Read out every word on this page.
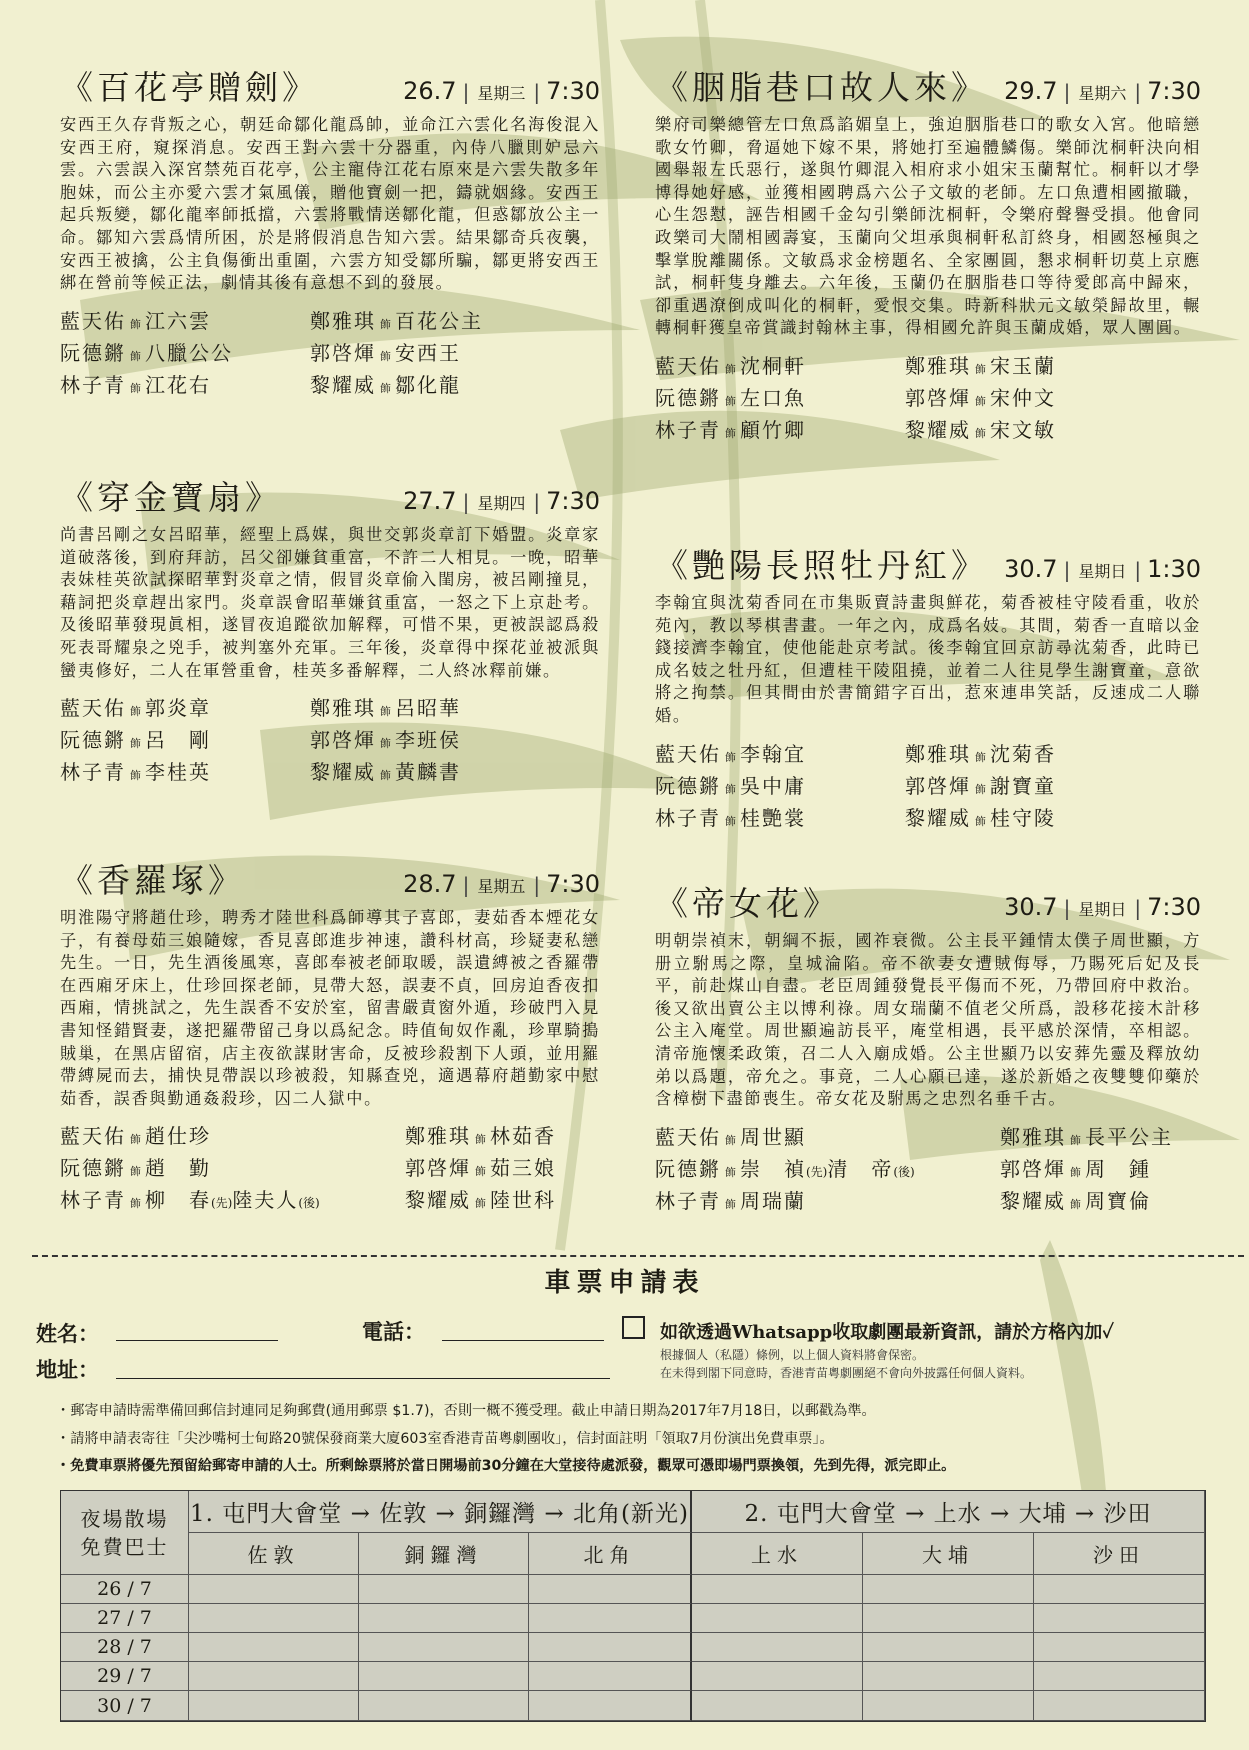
《百花亭贈劍》	26.7 | 星期三 | 7:30
安西王久存背叛之心，朝廷命鄒化龍爲帥，並命江六雲化名海俊混入安西王府，窺探消息。安西王對六雲十分器重，內侍八臘則妒忌六雲。六雲誤入深宮禁苑百花亭，公主寵侍江花右原來是六雲失散多年胞妹，而公主亦愛六雲才氣風儀，贈他寶劍一把，鑄就姻緣。安西王起兵叛變，鄒化龍率師抵擋，六雲將戰情送鄒化龍，但惑鄒放公主一命。鄒知六雲爲情所困，於是將假消息告知六雲。結果鄒奇兵夜襲，安西王被擒，公主負傷衝出重圍，六雲方知受鄒所騙，鄒更將安西王綁在營前等候正法，劇情其後有意想不到的發展。
藍天佑 飾 江六雲	鄭雅琪 飾 百花公主
阮德鏘 飾 八臘公公	郭啓煇 飾 安西王
林子青 飾 江花右	黎耀威 飾 鄒化龍
《穿金寶扇》	27.7 | 星期四 | 7:30
尚書呂剛之女呂昭華，經聖上爲媒，與世交郭炎章訂下婚盟。炎章家道破落後，到府拜訪，呂父卻嫌貧重富，不許二人相見。一晚，昭華表妹桂英欲試探昭華對炎章之情，假冒炎章偷入閨房，被呂剛撞見，藉詞把炎章趕出家門。炎章誤會昭華嫌貧重富，一怒之下上京赴考。及後昭華發現眞相，遂冒夜追蹤欲加解釋，可惜不果，更被誤認爲殺死表哥耀泉之兇手，被判塞外充軍。三年後，炎章得中探花並被派與蠻夷修好，二人在軍營重會，桂英多番解釋，二人終冰釋前嫌。
藍天佑 飾 郭炎章	鄭雅琪 飾 呂昭華
阮德鏘 飾 呂　剛	郭啓煇 飾 李班侯
林子青 飾 李桂英	黎耀威 飾 黃麟書
《香羅塚》	28.7 | 星期五 | 7:30
明淮陽守將趙仕珍，聘秀才陸世科爲師導其子喜郎，妻茹香本煙花女子，有養母茹三娘隨嫁，香見喜郎進步神速，讚科材高，珍疑妻私戀先生。一日，先生酒後風寒，喜郎奉被老師取暖，誤遺縛被之香羅帶在西廂牙床上，仕珍回探老師，見帶大怒，誤妻不貞，回房迫香夜扣西廂，情挑試之，先生誤香不安於室，留書嚴責窗外遁，珍破門入見書知怪錯賢妻，遂把羅帶留己身以爲紀念。時值甸奴作亂，珍單騎搗賊巢，在黑店留宿，店主夜欲謀財害命，反被珍殺割下人頭，並用羅帶縛屍而去，捕快見帶誤以珍被殺，知縣查兇，適遇幕府趙勤家中慰茹香，誤香與勤通姦殺珍，囚二人獄中。
藍天佑 飾 趙仕珍	鄭雅琪 飾 林茹香
阮德鏘 飾 趙　勤	郭啓煇 飾 茹三娘
林子青 飾 柳　春(先)陸夫人(後)	黎耀威 飾 陸世科
《胭脂巷口故人來》 29.7 | 星期六 | 7:30
樂府司樂總管左口魚爲諂媚皇上，強迫胭脂巷口的歌女入宮。他暗戀歌女竹卿，脅逼她下嫁不果，將她打至遍體鱗傷。樂師沈桐軒決向相國舉報左氏惡行，遂與竹卿混入相府求小姐宋玉蘭幫忙。桐軒以才學博得她好感，並獲相國聘爲六公子文敏的老師。左口魚遭相國撤職，心生怨懟，誣告相國千金勾引樂師沈桐軒，令樂府聲譽受損。他會同政樂司大鬧相國壽宴，玉蘭向父坦承與桐軒私訂終身，相國怒極與之擊掌脫離關係。文敏爲求金榜題名、全家團圓，懇求桐軒切莫上京應試，桐軒隻身離去。六年後，玉蘭仍在胭脂巷口等待愛郎高中歸來，卻重遇潦倒成叫化的桐軒，愛恨交集。時新科狀元文敏榮歸故里，輾轉桐軒獲皇帝賞識封翰林主事，得相國允許與玉蘭成婚，眾人團圓。
藍天佑 飾 沈桐軒	鄭雅琪 飾 宋玉蘭
阮德鏘 飾 左口魚	郭啓煇 飾 宋仲文
林子青 飾 顧竹卿	黎耀威 飾 宋文敏
《艷陽長照牡丹紅》 30.7 | 星期日 | 1:30
李翰宜與沈菊香同在市集販賣詩畫與鮮花，菊香被桂守陵看重，收於苑內，教以琴棋書畫。一年之內，成爲名妓。其間，菊香一直暗以金錢接濟李翰宜，使他能赴京考試。後李翰宜回京訪尋沈菊香，此時已成名妓之牡丹紅，但遭桂干陵阻撓，並着二人往見學生謝寶童，意欲將之拘禁。但其間由於書簡錯字百出，惹來連串笑話，反速成二人聯婚。
藍天佑 飾 李翰宜	鄭雅琪 飾 沈菊香
阮德鏘 飾 吳中庸	郭啓煇 飾 謝寶童
林子青 飾 桂艷裳	黎耀威 飾 桂守陵
《帝女花》	30.7 | 星期日 | 7:30
明朝崇禎末，朝綱不振，國祚衰微。公主長平鍾情太僕子周世顯，方册立駙馬之際，皇城淪陷。帝不欲妻女遭賊侮辱，乃賜死后妃及長平，前赴煤山自盡。老臣周鍾發覺長平傷而不死，乃帶回府中救治。後又欲出賣公主以博利祿。周女瑞蘭不值老父所爲，設移花接木計移公主入庵堂。周世顯遍訪長平，庵堂相遇，長平感於深情，卒相認。清帝施懷柔政策，召二人入廟成婚。公主世顯乃以安葬先靈及釋放幼弟以爲題，帝允之。事竟，二人心願已達，遂於新婚之夜雙雙仰藥於含樟樹下盡節喪生。帝女花及駙馬之忠烈名垂千古。
藍天佑 飾 周世顯	鄭雅琪 飾 長平公主
阮德鏘 飾 崇　禎(先)清　帝(後)	郭啓煇 飾 周　鍾
林子青 飾 周瑞蘭	黎耀威 飾 周寶倫
車票申請表
姓名：	電話：
地址：
如欲透過Whatsapp收取劇團最新資訊，請於方格內加✓
根據個人（私隱）條例，以上個人資料將會保密。
在未得到閣下同意時，香港青苗粵劇團絕不會向外披露任何個人資料。
・郵寄申請時需準備回郵信封連同足夠郵費(通用郵票 $1.7)，否則一概不獲受理。截止申請日期為2017年7月18日，以郵戳為準。
・請將申請表寄往「尖沙嘴柯士甸路20號保發商業大廈603室香港青苗粵劇團收」，信封面註明「領取7月份演出免費車票」。
・免費車票將優先預留給郵寄申請的人士。所剩餘票將於當日開場前30分鐘在大堂接待處派發，觀眾可憑即場門票換領，先到先得，派完即止。
夜場散場
免費巴士
1. 屯門大會堂 → 佐敦 → 銅鑼灣 → 北角(新光)	2. 屯門大會堂 → 上水 → 大埔 → 沙田
佐敦	銅鑼灣	北角	上水	大埔	沙田
26 / 7
27 / 7
28 / 7
29 / 7
30 / 7
